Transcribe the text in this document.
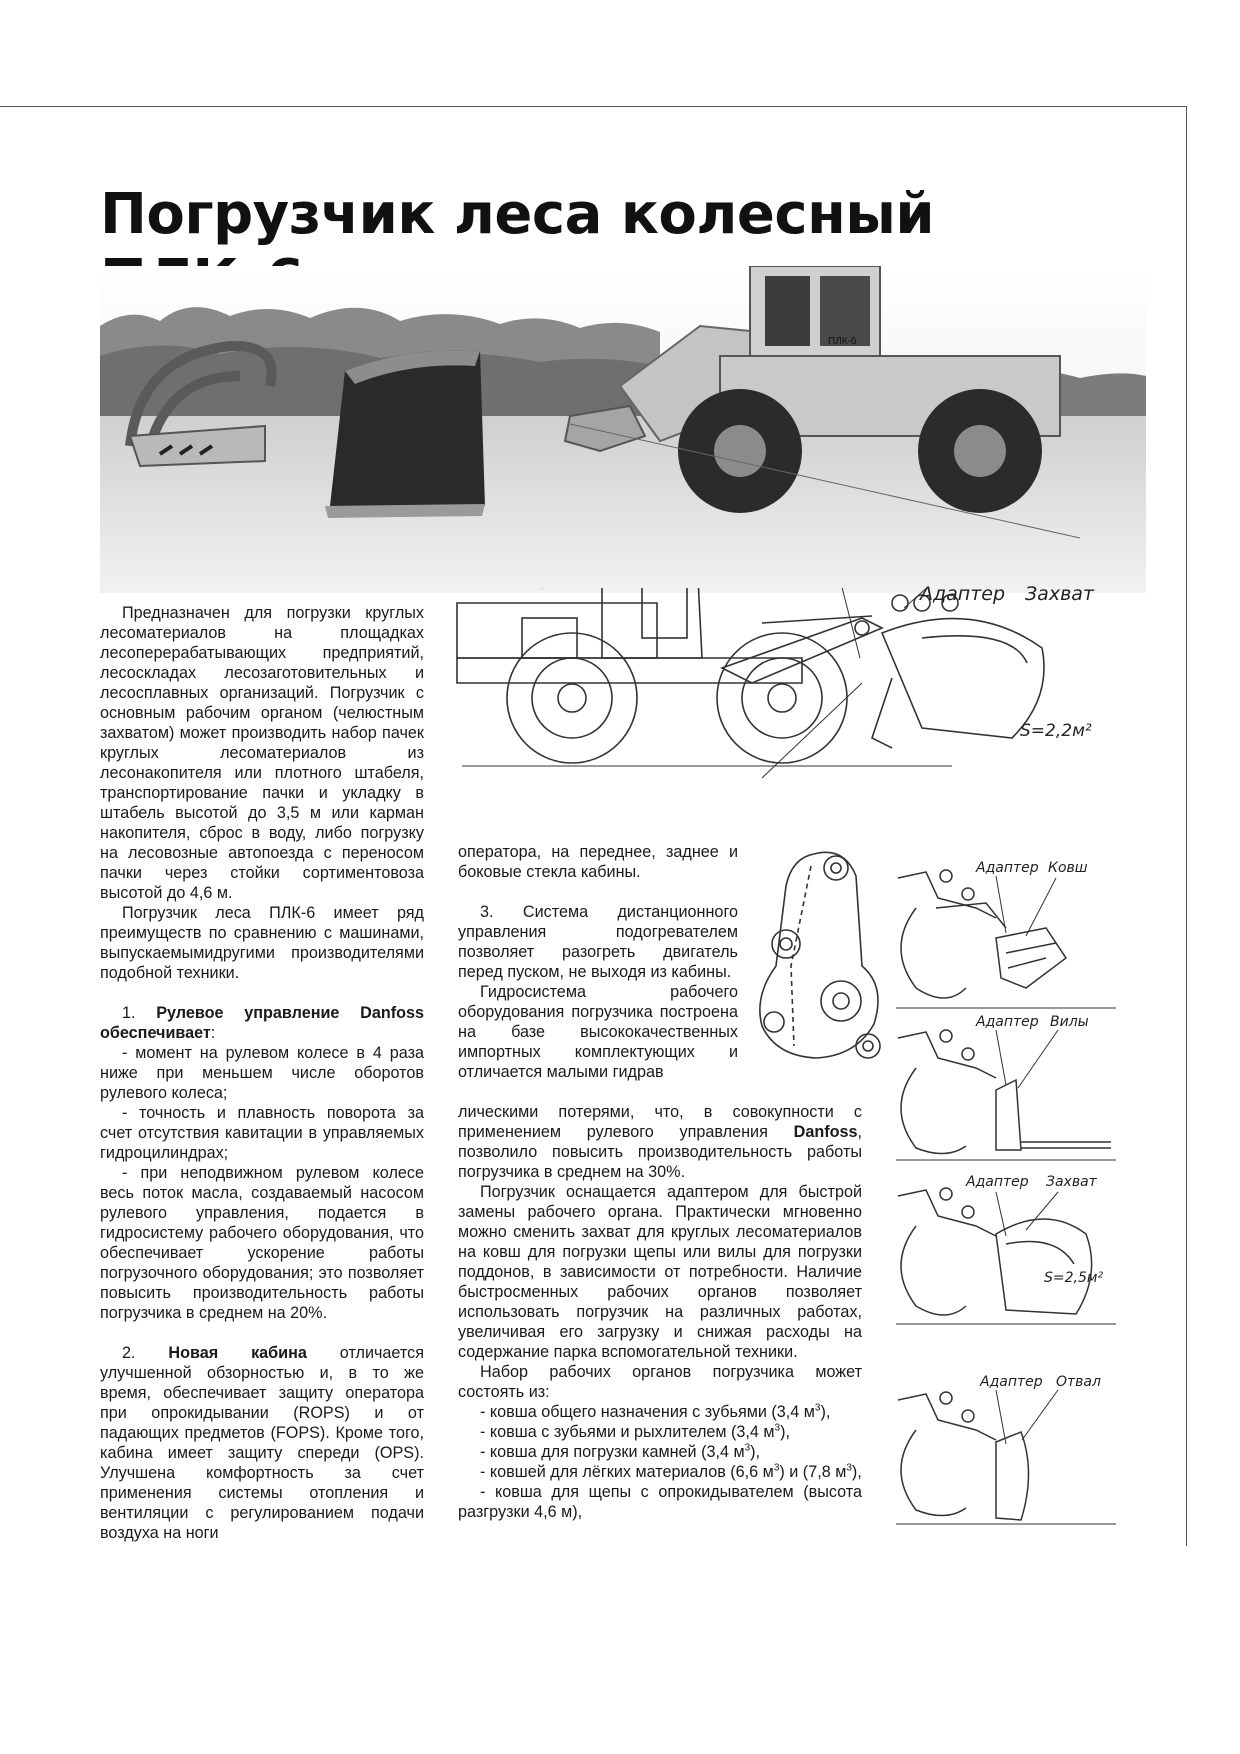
Погрузчик леса колесный

ПЛК-6
Адаптер Захват
S=2,2м²
Адаптер Ковш
Адаптер Вилы
Адаптер Захват
S=2,5м²
Адаптер Отвал

Предназначен для погрузки круглых лесоматериалов на площадках лесоперерабатывающих предприятий, лесоскладах лесозаготовительных и лесосплавных организаций. Погрузчик с основным рабочим органом (челюстным захватом) может производить набор пачек круглых лесоматериалов из лесонакопителя или плотного штабеля, транспортирование пачки и укладку в штабель высотой до 3,5 м или карман накопителя, сброс в воду, либо погрузку на лесовозные автопоезда с переносом пачки через стойки сортиментовоза высотой до 4,6 м.

Погрузчик леса ПЛК-6 имеет ряд преимуществ по сравнению с машинами, выпускаемымидругими производителями подобной техники.

1. Рулевое управление Danfoss обеспечивает:

- момент на рулевом колесе в 4 раза ниже при меньшем числе оборотов рулевого колеса;

- точность и плавность поворота за счет отсутствия кавитации в управляемых гидроцилиндрах;

- при неподвижном рулевом колесе весь поток масла, создаваемый насосом рулевого управления, подается в гидросистему рабочего оборудования, что обеспечивает ускорение работы погрузочного оборудования; это позволяет повысить производительность работы погрузчика в среднем на 20%.

2. Новая кабина отличается улучшенной обзорностью и, в то же время, обеспечивает защиту оператора при опрокидывании (ROPS) и от падающих предметов (FOPS). Кроме того, кабина имеет защиту спереди (OPS). Улучшена комфортность за счет применения системы отопления и вентиляции с регулированием подачи воздуха на ноги

оператора, на переднее, заднее и боковые стекла кабины.

3. Система дистанционного управления подогревателем позволяет разогреть двигатель перед пуском, не выходя из кабины.

Гидросистема рабочего оборудования погрузчика построена на базе высококачественных импортных комплектующих и отличается малыми гидрав

лическими потерями, что, в совокупности с применением рулевого управления Danfoss, позволило повысить производительность работы погрузчика в среднем на 30%.

Погрузчик оснащается адаптером для быстрой замены рабочего органа. Практически мгновенно можно сменить захват для круглых лесоматериалов на ковш для погрузки щепы или вилы для погрузки поддонов, в зависимости от потребности. Наличие быстросменных рабочих органов позволяет использовать погрузчик на различных работах, увеличивая его загрузку и снижая расходы на содержание парка вспомогательной техники.

Набор рабочих органов погрузчика может состоять из:

- ковша общего назначения с зубьями (3,4 $м^3$),

- ковша с зубьями и рыхлителем (3,4 $м^3$),

- ковша для погрузки камней (3,4 $м^3$),

- ковшей для лёгких материалов (6,6 $м^3$) и (7,8 $м^3$),

- ковша для щепы с опрокидывателем (высота разгрузки 4,6 м),
